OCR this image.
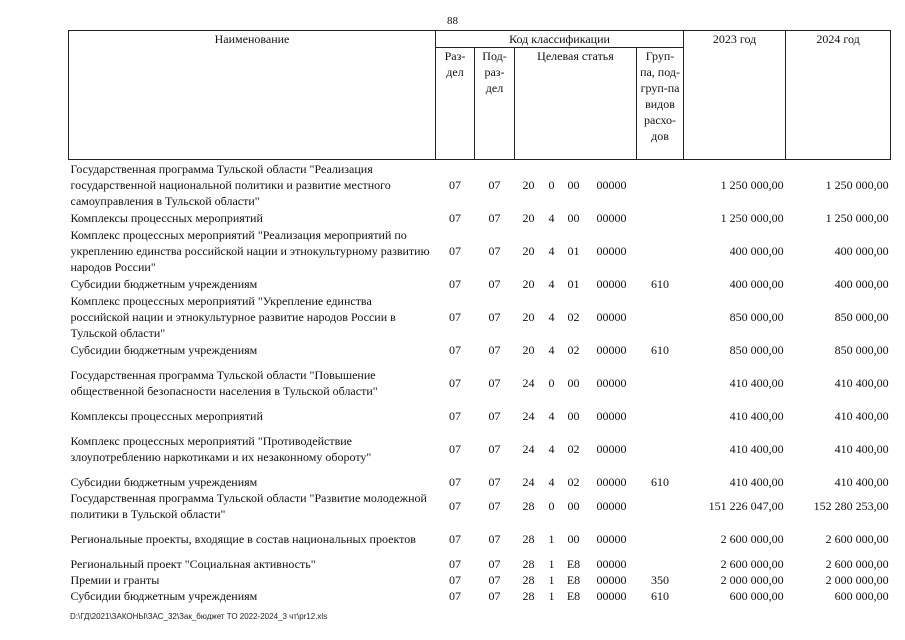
88
Наименование	Код классификации							2023 год	2024 год
	Раз-дел	Под-раз-дел	Целевая статья				Груп-па, под-груп-па видов расхо-дов		
Государственная программа Тульской области "Реализация государственной национальной политики и развитие местного самоуправления в Тульской области"	07	07	20	0	00	00000		1 250 000,00	1 250 000,00
Комплексы процессных мероприятий	07	07	20	4	00	00000		1 250 000,00	1 250 000,00
Комплекс процессных мероприятий "Реализация мероприятий по укреплению единства российской нации и этнокультурному развитию народов России"	07	07	20	4	01	00000		400 000,00	400 000,00
Субсидии бюджетным учреждениям	07	07	20	4	01	00000	610	400 000,00	400 000,00
Комплекс процессных мероприятий "Укрепление единства российской нации и этнокультурное развитие народов России в Тульской области"	07	07	20	4	02	00000		850 000,00	850 000,00
Субсидии бюджетным учреждениям	07	07	20	4	02	00000	610	850 000,00	850 000,00
Государственная программа Тульской области "Повышение общественной безопасности населения в Тульской области"	07	07	24	0	00	00000		410 400,00	410 400,00
Комплексы процессных мероприятий	07	07	24	4	00	00000		410 400,00	410 400,00
Комплекс процессных мероприятий "Противодействие злоупотреблению наркотиками и их незаконному обороту"	07	07	24	4	02	00000		410 400,00	410 400,00
Субсидии бюджетным учреждениям	07	07	24	4	02	00000	610	410 400,00	410 400,00
Государственная программа Тульской области "Развитие молодежной политики в Тульской области"	07	07	28	0	00	00000		151 226 047,00	152 280 253,00
Региональные проекты, входящие в состав национальных проектов	07	07	28	1	00	00000		2 600 000,00	2 600 000,00
Региональный проект "Социальная активность"	07	07	28	1	E8	00000		2 600 000,00	2 600 000,00
Премии и гранты	07	07	28	1	E8	00000	350	2 000 000,00	2 000 000,00
Субсидии бюджетным учреждениям	07	07	28	1	E8	00000	610	600 000,00	600 000,00
D:\ГД\2021\ЗАКОНЫ\ЗАС_32\Зак_бюджет ТО 2022-2024_3 чт\pr12.xls
